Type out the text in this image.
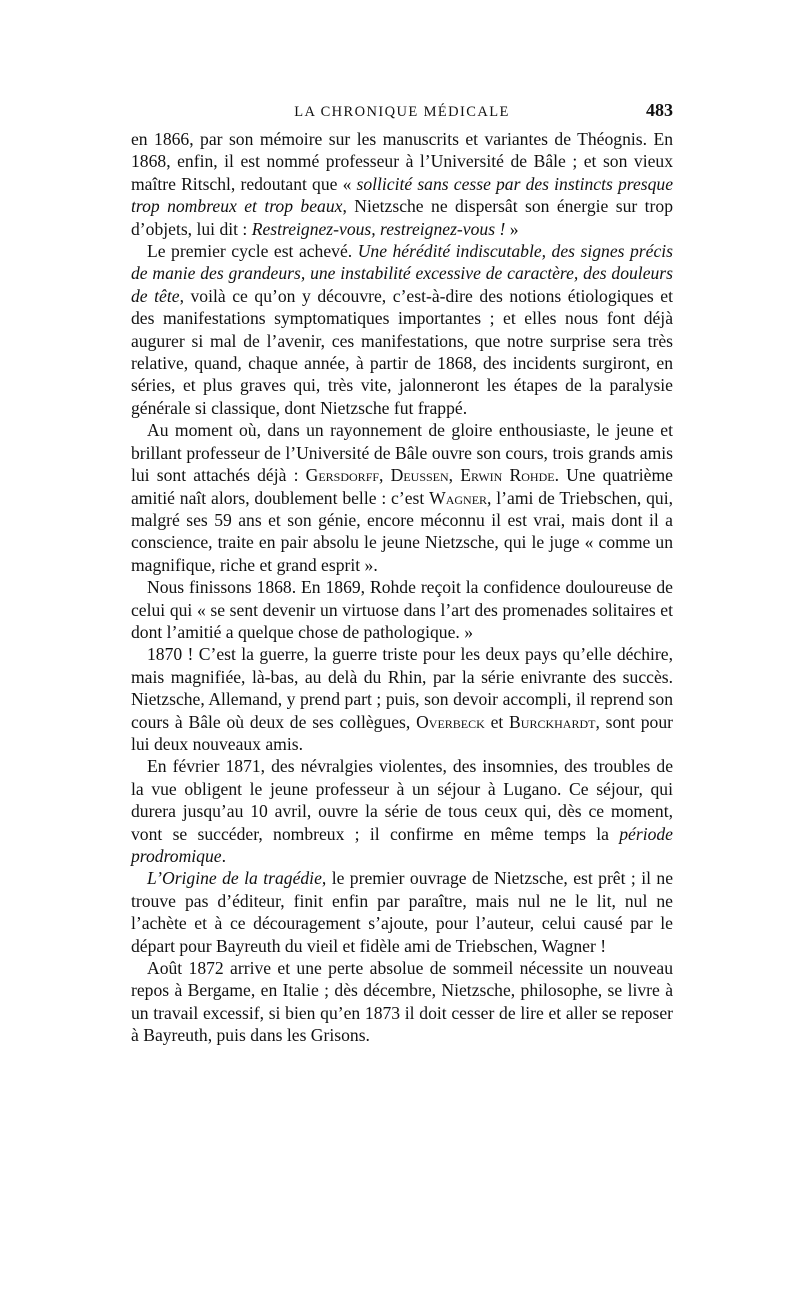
LA CHRONIQUE MÉDICALE	483

en 1866, par son mémoire sur les manuscrits et variantes de Théognis. En 1868, enfin, il est nommé professeur à l’Université de Bâle ; et son vieux maître Ritschl, redoutant que « sollicité sans cesse par des instincts presque trop nombreux et trop beaux, Nietzsche ne dispersât son énergie sur trop d’objets, lui dit : Restreignez-vous, restreignez-vous ! »

Le premier cycle est achevé. Une hérédité indiscutable, des signes précis de manie des grandeurs, une instabilité excessive de caractère, des douleurs de tête, voilà ce qu’on y découvre, c’est-à-dire des notions étiologiques et des manifestations symptomatiques importantes ; et elles nous font déjà augurer si mal de l’avenir, ces manifestations, que notre surprise sera très relative, quand, chaque année, à partir de 1868, des incidents surgiront, en séries, et plus graves qui, très vite, jalonneront les étapes de la paralysie générale si classique, dont Nietzsche fut frappé.

Au moment où, dans un rayonnement de gloire enthousiaste, le jeune et brillant professeur de l’Université de Bâle ouvre son cours, trois grands amis lui sont attachés déjà : Gersdorff, Deussen, Erwin Rohde. Une quatrième amitié naît alors, doublement belle : c’est Wagner, l’ami de Triebschen, qui, malgré ses 59 ans et son génie, encore méconnu il est vrai, mais dont il a conscience, traite en pair absolu le jeune Nietzsche, qui le juge « comme un magnifique, riche et grand esprit ».

Nous finissons 1868. En 1869, Rohde reçoit la confidence douloureuse de celui qui « se sent devenir un virtuose dans l’art des promenades solitaires et dont l’amitié a quelque chose de pathologique. »

1870 ! C’est la guerre, la guerre triste pour les deux pays qu’elle déchire, mais magnifiée, là-bas, au delà du Rhin, par la série enivrante des succès. Nietzsche, Allemand, y prend part ; puis, son devoir accompli, il reprend son cours à Bâle où deux de ses collègues, Overbeck et Burckhardt, sont pour lui deux nouveaux amis.

En février 1871, des névralgies violentes, des insomnies, des troubles de la vue obligent le jeune professeur à un séjour à Lugano. Ce séjour, qui durera jusqu’au 10 avril, ouvre la série de tous ceux qui, dès ce moment, vont se succéder, nombreux ; il confirme en même temps la période prodromique.

L’Origine de la tragédie, le premier ouvrage de Nietzsche, est prêt ; il ne trouve pas d’éditeur, finit enfin par paraître, mais nul ne le lit, nul ne l’achète et à ce découragement s’ajoute, pour l’auteur, celui causé par le départ pour Bayreuth du vieil et fidèle ami de Triebschen, Wagner !

Août 1872 arrive et une perte absolue de sommeil nécessite un nouveau repos à Bergame, en Italie ; dès décembre, Nietzsche, philosophe, se livre à un travail excessif, si bien qu’en 1873 il doit cesser de lire et aller se reposer à Bayreuth, puis dans les Grisons.
